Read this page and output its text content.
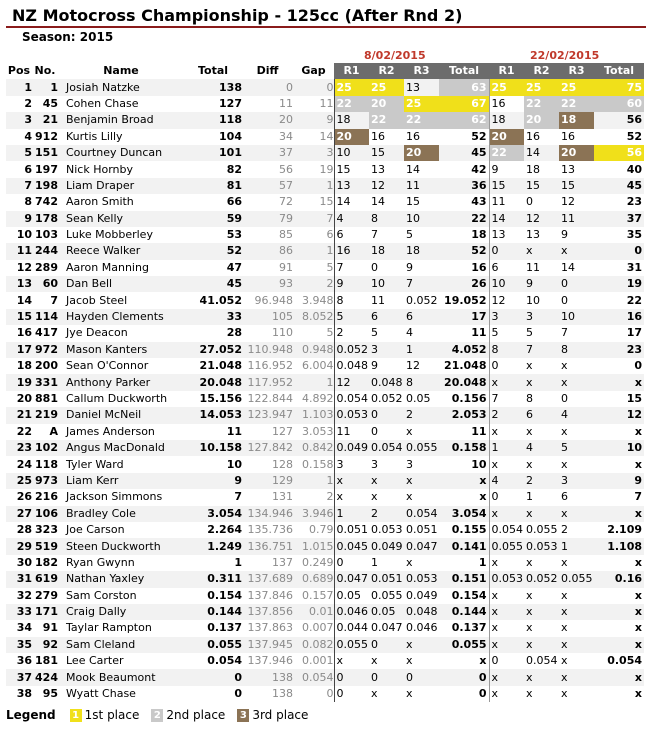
NZ Motocross Championship - 125cc (After Rnd 2)
Season: 2015
8/02/2015	22/02/2015
Pos	No.	Name	Total	Diff	Gap	R1	R2	R3	Total	R1	R2	R3	Total
1	1	Josiah Natzke	138	0	0	25	25	13	63	25	25	25	75
2	45	Cohen Chase	127	11	11	22	20	25	67	16	22	22	60
3	21	Benjamin Broad	118	20	9	18	22	22	62	18	20	18	56
4	912	Kurtis Lilly	104	34	14	20	16	16	52	20	16	16	52
5	151	Courtney Duncan	101	37	3	10	15	20	45	22	14	20	56
6	197	Nick Hornby	82	56	19	15	13	14	42	9	18	13	40
7	198	Liam Draper	81	57	1	13	12	11	36	15	15	15	45
8	742	Aaron Smith	66	72	15	14	14	15	43	11	0	12	23
9	178	Sean Kelly	59	79	7	4	8	10	22	14	12	11	37
10	103	Luke Mobberley	53	85	6	6	7	5	18	13	13	9	35
11	244	Reece Walker	52	86	1	16	18	18	52	0	x	x	0
12	289	Aaron Manning	47	91	5	7	0	9	16	6	11	14	31
13	60	Dan Bell	45	93	2	9	10	7	26	10	9	0	19
14	7	Jacob Steel	41.052	96.948	3.948	8	11	0.052	19.052	12	10	0	22
15	114	Hayden Clements	33	105	8.052	5	6	6	17	3	3	10	16
16	417	Jye Deacon	28	110	5	2	5	4	11	5	5	7	17
17	972	Mason Kanters	27.052	110.948	0.948	0.052	3	1	4.052	8	7	8	23
18	200	Sean O'Connor	21.048	116.952	6.004	0.048	9	12	21.048	0	x	x	0
19	331	Anthony Parker	20.048	117.952	1	12	0.048	8	20.048	x	x	x	x
20	881	Callum Duckworth	15.156	122.844	4.892	0.054	0.052	0.05	0.156	7	8	0	15
21	219	Daniel McNeil	14.053	123.947	1.103	0.053	0	2	2.053	2	6	4	12
22	A	James Anderson	11	127	3.053	11	0	x	11	x	x	x	x
23	102	Angus MacDonald	10.158	127.842	0.842	0.049	0.054	0.055	0.158	1	4	5	10
24	118	Tyler Ward	10	128	0.158	3	3	3	10	x	x	x	x
25	973	Liam Kerr	9	129	1	x	x	x	x	4	2	3	9
26	216	Jackson Simmons	7	131	2	x	x	x	x	0	1	6	7
27	106	Bradley Cole	3.054	134.946	3.946	1	2	0.054	3.054	x	x	x	x
28	323	Joe Carson	2.264	135.736	0.79	0.051	0.053	0.051	0.155	0.054	0.055	2	2.109
29	519	Steen Duckworth	1.249	136.751	1.015	0.045	0.049	0.047	0.141	0.055	0.053	1	1.108
30	182	Ryan Gwynn	1	137	0.249	0	1	x	1	x	x	x	x
31	619	Nathan Yaxley	0.311	137.689	0.689	0.047	0.051	0.053	0.151	0.053	0.052	0.055	0.16
32	279	Sam Corston	0.154	137.846	0.157	0.05	0.055	0.049	0.154	x	x	x	x
33	171	Craig Dally	0.144	137.856	0.01	0.046	0.05	0.048	0.144	x	x	x	x
34	91	Taylar Rampton	0.137	137.863	0.007	0.044	0.047	0.046	0.137	x	x	x	x
35	92	Sam Cleland	0.055	137.945	0.082	0.055	0	x	0.055	x	x	x	x
36	181	Lee Carter	0.054	137.946	0.001	x	x	x	x	0	0.054	x	0.054
37	424	Mook Beaumont	0	138	0.054	0	0	0	0	x	x	x	x
38	95	Wyatt Chase	0	138	0	0	x	x	0	x	x	x	x
Legend 1 1st place 2 2nd place 3 3rd place
